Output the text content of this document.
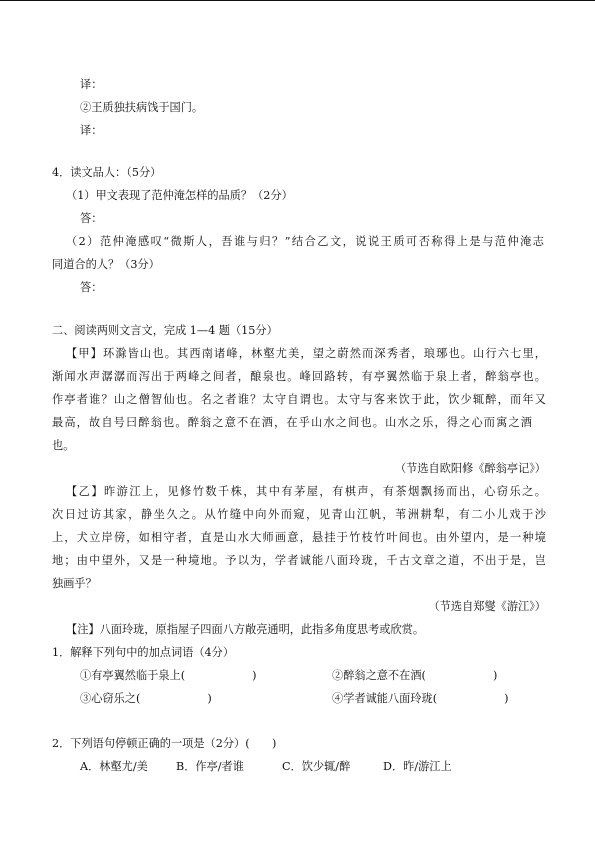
译：
②王质独扶病饯于国门。
译：
4．读文品人：（5分）
（1）甲文表现了范仲淹怎样的品质？（2分）
答：
（2）范仲淹感叹“微斯人，吾谁与归？”结合乙文，说说王质可否称得上是与范仲淹志
同道合的人？（3分）
答：
二、阅读两则文言文，完成 1—4 题（15分）
【甲】环滁皆山也。其西南诸峰，林壑尤美，望之蔚然而深秀者，琅琊也。山行六七里，
渐闻水声潺潺而泻出于两峰之间者，酿泉也。峰回路转，有亭翼然临于泉上者，醉翁亭也。
作亭者谁？山之僧智仙也。名之者谁？太守自谓也。太守与客来饮于此，饮少辄醉，而年又
最高，故自号曰醉翁也。醉翁之意不在酒，在乎山水之间也。山水之乐，得之心而寓之酒
也。
（节选自欧阳修《醉翁亭记》）
【乙】昨游江上，见修竹数千株，其中有茅屋，有棋声，有茶烟飘扬而出，心窃乐之。
次日过访其家，静坐久之。从竹缝中向外而窥，见青山江帆，苇洲耕犁，有二小儿戏于沙
上，犬立岸傍，如相守者，直是山水大师画意，悬挂于竹枝竹叶间也。由外望内，是一种境
地；由中望外，又是一种境地。予以为，学者诚能八面玲珑，千古文章之道，不出于是，岂
独画乎？
（节选自郑燮《游江》）
【注】八面玲珑，原指屋子四面八方敞亮通明，此指多角度思考或欣赏。
1．解释下列句中的加点词语（4分）
①有亭翼然临于泉上(　　　　　　)	②醉翁之意不在酒(　　　　　　)
③心窃乐之(　　　　　　)	④学者诚能八面玲珑(　　　　　　)
2．下列语句停顿正确的一项是（2分）(　　)
A．林壑尤/美	B．作亭/者谁	C．饮少辄/醉	D．昨/游江上
